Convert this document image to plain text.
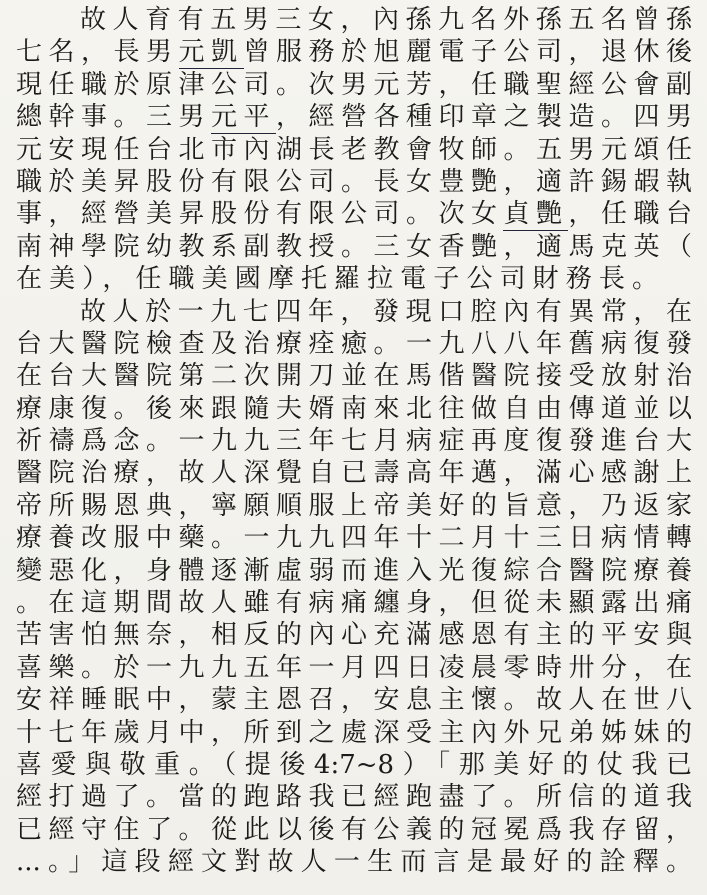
故人育有五男三女，內孫九名外孫五名曾孫
七名，長男元凱曾服務於旭麗電子公司，退休後
現任職於原津公司。次男元芳，任職聖經公會副
總幹事。三男元平，經營各種印章之製造。四男
元安現任台北市內湖長老教會牧師。五男元頌任
職於美昇股份有限公司。長女豊艷，適許錫嘏執
事，經營美昇股份有限公司。次女貞艷，任職台
南神學院幼教系副教授。三女香艷，適馬克英（
在美），任職美國摩托羅拉電子公司財務長。
故人於一九七四年，發現口腔內有異常，在
台大醫院檢查及治療痊癒。一九八八年舊病復發
在台大醫院第二次開刀並在馬偕醫院接受放射治
療康復。後來跟隨夫婿南來北往做自由傳道並以
祈禱爲念。一九九三年七月病症再度復發進台大
醫院治療，故人深覺自已壽高年邁，滿心感謝上
帝所賜恩典，寧願順服上帝美好的旨意，乃返家
療養改服中藥。一九九四年十二月十三日病情轉
變惡化，身體逐漸虛弱而進入光復綜合醫院療養
。在這期間故人雖有病痛纏身，但從未顯露出痛
苦害怕無奈，相反的內心充滿感恩有主的平安與
喜樂。於一九九五年一月四日凌晨零時卅分，在
安祥睡眠中，蒙主恩召，安息主懷。故人在世八
十七年歲月中，所到之處深受主內外兄弟姊妹的
喜愛與敬重。（提後4:7~8）「那美好的仗我已
經打過了。當的跑路我已經跑盡了。所信的道我
已經守住了。從此以後有公義的冠冕爲我存留，
...。」這段經文對故人一生而言是最好的詮釋。
